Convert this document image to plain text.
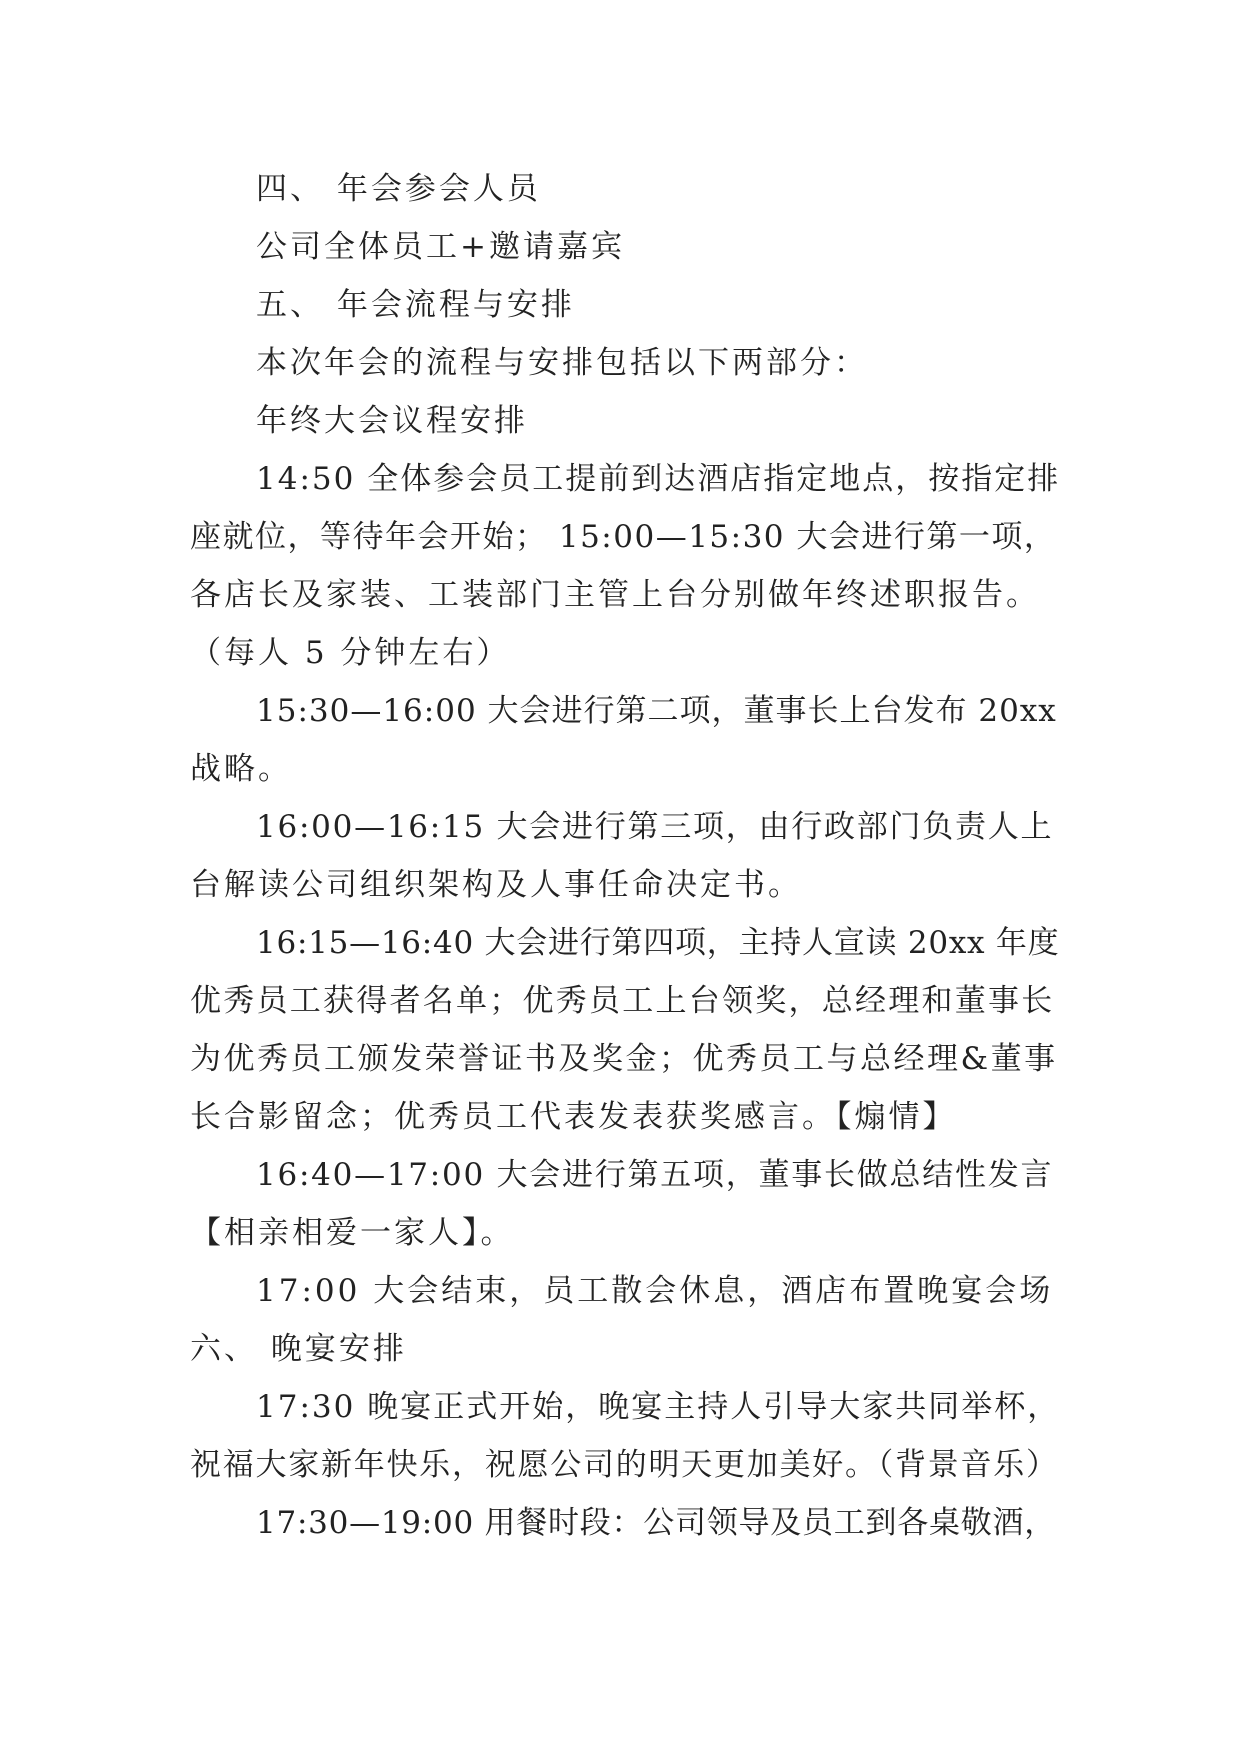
四、 年会参会人员
公司全体员工+邀请嘉宾
五、 年会流程与安排
本次年会的流程与安排包括以下两部分：
年终大会议程安排
14:50 全体参会员工提前到达酒店指定地点，按指定排
座就位，等待年会开始； 15:00—15:30 大会进行第一项，
各店长及家装、工装部门主管上台分别做年终述职报告。
（每人 5 分钟左右）
15:30—16:00 大会进行第二项，董事长上台发布 20xx
战略。
16:00—16:15 大会进行第三项，由行政部门负责人上
台解读公司组织架构及人事任命决定书。
16:15—16:40 大会进行第四项，主持人宣读 20xx 年度
优秀员工获得者名单；优秀员工上台领奖，总经理和董事长
为优秀员工颁发荣誉证书及奖金；优秀员工与总经理&董事
长合影留念；优秀员工代表发表获奖感言。【煽情】
16:40—17:00 大会进行第五项，董事长做总结性发言
【相亲相爱一家人】。
17:00 大会结束，员工散会休息，酒店布置晚宴会场
六、 晚宴安排
17:30 晚宴正式开始，晚宴主持人引导大家共同举杯，
祝福大家新年快乐，祝愿公司的明天更加美好。（背景音乐）
17:30—19:00 用餐时段：公司领导及员工到各桌敬酒，
